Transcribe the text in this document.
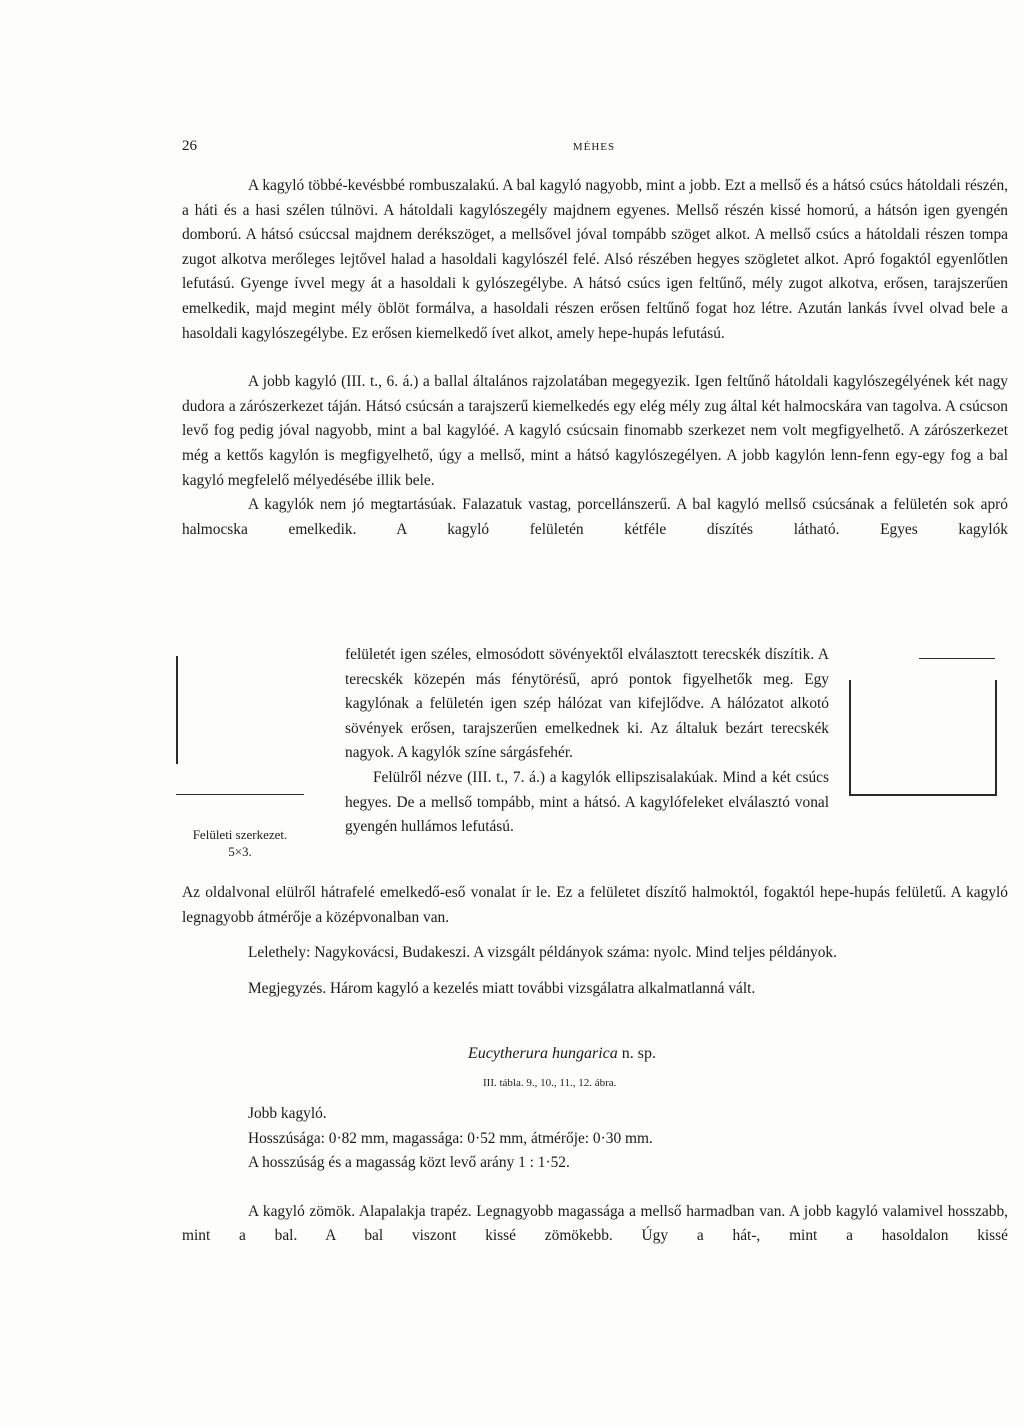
26	MÉHES

A kagyló többé-kevésbbé rombuszalakú. A bal kagyló nagyobb, mint a jobb. Ezt a mellső és a hátsó csúcs hátoldali részén, a háti és a hasi szélen túlnövi. A hátoldali kagylószegély majdnem egyenes. Mellső részén kissé homorú, a hátsón igen gyengén domború. A hátsó csúccsal majdnem derékszöget, a mellsővel jóval tompább szöget alkot. A mellső csúcs a hátoldali részen tompa zugot alkotva merőleges lejtővel halad a hasoldali kagylószél felé. Alsó részében hegyes szögletet alkot. Apró fogaktól egyenlőtlen lefutású. Gyenge ívvel megy át a hasoldali k gylószegélybe. A hátsó csúcs igen feltűnő, mély zugot alkotva, erősen, tarajszerűen emelkedik, majd megint mély öblöt formálva, a hasoldali részen erősen feltűnő fogat hoz létre. Azután lankás ívvel olvad bele a hasoldali kagylószegélybe. Ez erősen kiemelkedő ívet alkot, amely hepe-hupás lefutású.

A jobb kagyló (III. t., 6. á.) a ballal általános rajzolatában megegyezik. Igen feltűnő hátoldali kagylószegélyének két nagy dudora a zárószerkezet táján. Hátsó csúcsán a tarajszerű kiemelkedés egy elég mély zug által két halmocskára van tagolva. A csúcson levő fog pedig jóval nagyobb, mint a bal kagylóé. A kagyló csúcsain finomabb szerkezet nem volt megfigyelhető. A zárószerkezet még a kettős kagylón is megfigyelhető, úgy a mellső, mint a hátsó kagylószegélyen. A jobb kagylón lenn-fenn egy-egy fog a bal kagyló megfelelő mélyedésébe illik bele.

A kagylók nem jó megtartásúak. Falazatuk vastag, porcellánszerű. A bal kagyló mellső csúcsának a felületén sok apró halmocska emelkedik. A kagyló felületén kétféle díszítés látható. Egyes kagylók

felületét igen széles, elmosódott sövényektől elválasztott terecskék díszítik. A terecskék közepén más fénytörésű, apró pontok figyelhetők meg. Egy kagylónak a felületén igen szép hálózat van kifejlődve. A hálózatot alkotó sövények erősen, tarajszerűen emelkednek ki. Az általuk bezárt terecskék nagyok. A kagylók színe sárgásfehér.

Felülről nézve (III. t., 7. á.) a kagylók ellipszisalakúak. Mind a két csúcs hegyes. De a mellső tompább, mint a hátsó. A kagylófeleket elválasztó vonal gyengén hullámos lefutású.

Felületi szerkezet.
5×3.

Az oldalvonal elülről hátrafelé emelkedő-eső vonalat ír le. Ez a felületet díszítő halmoktól, fogaktól hepe-hupás felületű. A kagyló legnagyobb átmérője a középvonalban van.

Lelethely: Nagykovácsi, Budakeszi. A vizsgált példányok száma: nyolc. Mind teljes példányok.

Megjegyzés. Három kagyló a kezelés miatt további vizsgálatra alkalmatlanná vált.

Eucytherura hungarica n. sp.
III. tábla. 9., 10., 11., 12. ábra.

Jobb kagyló.

Hosszúsága: 0·82 mm, magassága: 0·52 mm, átmérője: 0·30 mm.

A hosszúság és a magasság közt levő arány 1 : 1·52.

A kagyló zömök. Alapalakja trapéz. Legnagyobb magassága a mellső harmadban van. A jobb kagyló valamivel hosszabb, mint a bal. A bal viszont kissé zömökebb. Úgy a hát-, mint a hasoldalon kissé
